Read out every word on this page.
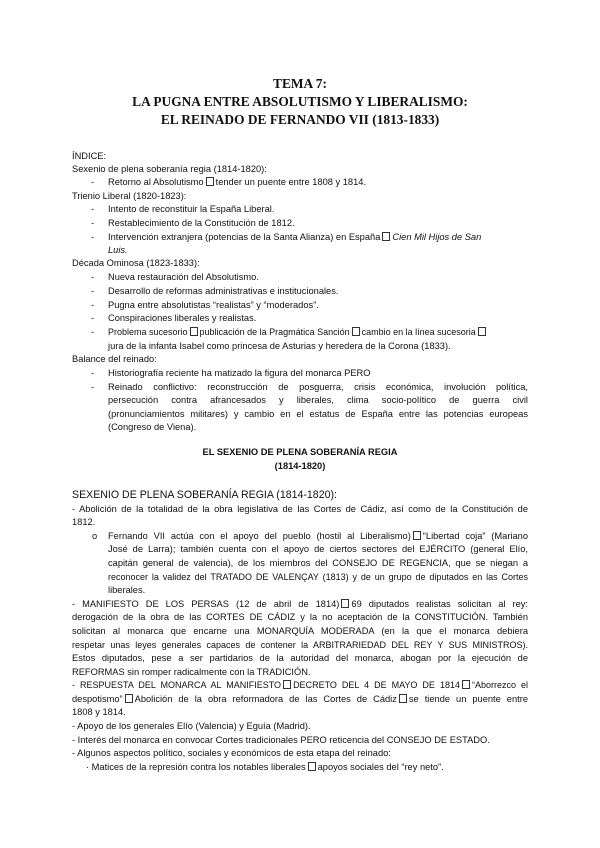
TEMA 7:
LA PUGNA ENTRE ABSOLUTISMO Y LIBERALISMO:
EL REINADO DE FERNANDO VII (1813-1833)
ÍNDICE:
Sexenio de plena soberanía regia (1814-1820):
- Retorno al Absolutismo tender un puente entre 1808 y 1814.
Trienio Liberal (1820-1823):
- Intento de reconstituir la España Liberal.
- Restablecimiento de la Constitución de 1812.
- Intervención extranjera (potencias de la Santa Alianza) en España Cien Mil Hijos de San
Luis.
Década Ominosa (1823-1833):
- Nueva restauración del Absolutismo.
- Desarrollo de reformas administrativas e institucionales.
- Pugna entre absolutistas “realistas” y “moderados”.
- Conspiraciones liberales y realistas.
- Problema sucesorio publicación de la Pragmática Sanción cambio en la línea sucesoria
jura de la infanta Isabel como princesa de Asturias y heredera de la Corona (1833).
Balance del reinado:
- Historiografía reciente ha matizado la figura del monarca PERO
- Reinado conflictivo: reconstrucción de posguerra, crisis económica, involución política,
persecución contra afrancesados y liberales, clima socio-político de guerra civil
(pronunciamientos militares) y cambio en el estatus de España entre las potencias europeas
(Congreso de Viena).
EL SEXENIO DE PLENA SOBERANÍA REGIA
(1814-1820)
SEXENIO DE PLENA SOBERANÍA REGIA (1814-1820):
- Abolición de la totalidad de la obra legislativa de las Cortes de Cádiz, así como de la Constitución de
1812.
o Fernando VII actúa con el apoyo del pueblo (hostil al Liberalismo) “Libertad coja” (Mariano
José de Larra); también cuenta con el apoyo de ciertos sectores del EJÉRCITO (general Elío,
capitán general de valencia), de los miembros del CONSEJO DE REGENCIA, que se niegan a
reconocer la validez del TRATADO DE VALENÇAY (1813) y de un grupo de diputados en las Cortes
liberales.
- MANIFIESTO DE LOS PERSAS (12 de abril de 1814) 69 diputados realistas solicitan al rey:
derogación de la obra de las CORTES DE CÁDIZ y la no aceptación de la CONSTITUCIÓN. También
solicitan al monarca que encarne una MONARQUÍA MODERADA (en la que el monarca debiera
respetar unas leyes generales capaces de contener la ARBITRARIEDAD DEL REY Y SUS MINISTROS).
Estos diputados, pese a ser partidarios de la autoridad del monarca, abogan por la ejecución de
REFORMAS sin romper radicalmente con la TRADICIÓN.
- RESPUESTA DEL MONARCA AL MANIFIESTO DECRETO DEL 4 DE MAYO DE 1814 “Aborrezco el
despotismo” Abolición de la obra reformadora de las Cortes de Cádiz se tiende un puente entre
1808 y 1814.
- Apoyo de los generales Elío (Valencia) y Eguía (Madrid).
- Interés del monarca en convocar Cortes tradicionales PERO reticencia del CONSEJO DE ESTADO.
- Algunos aspectos político, sociales y económicos de esta etapa del reinado:
· Matices de la represión contra los notables liberales apoyos sociales del “rey neto”.
